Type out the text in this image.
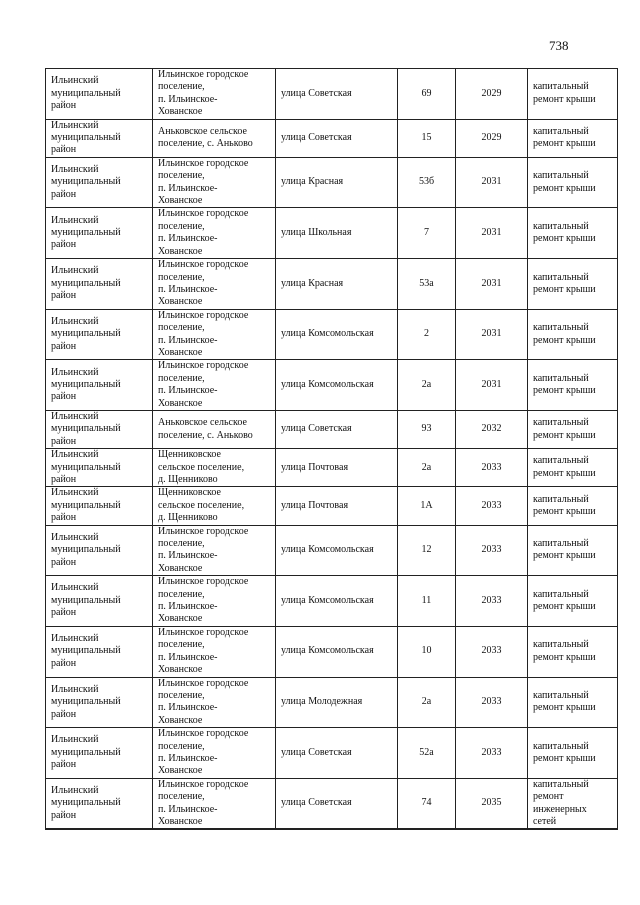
738
Ильинский
муниципальный
район	Ильинское городское
поселение,
п. Ильинское-
Хованское	улица Советская	69	2029	капитальный
ремонт крыши
Ильинский
муниципальный
район	Аньковское сельское
поселение, с. Аньково	улица Советская	15	2029	капитальный
ремонт крыши
Ильинский
муниципальный
район	Ильинское городское
поселение,
п. Ильинское-
Хованское	улица Красная	53б	2031	капитальный
ремонт крыши
Ильинский
муниципальный
район	Ильинское городское
поселение,
п. Ильинское-
Хованское	улица Школьная	7	2031	капитальный
ремонт крыши
Ильинский
муниципальный
район	Ильинское городское
поселение,
п. Ильинское-
Хованское	улица Красная	53а	2031	капитальный
ремонт крыши
Ильинский
муниципальный
район	Ильинское городское
поселение,
п. Ильинское-
Хованское	улица Комсомольская	2	2031	капитальный
ремонт крыши
Ильинский
муниципальный
район	Ильинское городское
поселение,
п. Ильинское-
Хованское	улица Комсомольская	2а	2031	капитальный
ремонт крыши
Ильинский
муниципальный
район	Аньковское сельское
поселение, с. Аньково	улица Советская	93	2032	капитальный
ремонт крыши
Ильинский
муниципальный
район	Щенниковское
сельское поселение,
д. Щенниково	улица Почтовая	2а	2033	капитальный
ремонт крыши
Ильинский
муниципальный
район	Щенниковское
сельское поселение,
д. Щенниково	улица Почтовая	1А	2033	капитальный
ремонт крыши
Ильинский
муниципальный
район	Ильинское городское
поселение,
п. Ильинское-
Хованское	улица Комсомольская	12	2033	капитальный
ремонт крыши
Ильинский
муниципальный
район	Ильинское городское
поселение,
п. Ильинское-
Хованское	улица Комсомольская	11	2033	капитальный
ремонт крыши
Ильинский
муниципальный
район	Ильинское городское
поселение,
п. Ильинское-
Хованское	улица Комсомольская	10	2033	капитальный
ремонт крыши
Ильинский
муниципальный
район	Ильинское городское
поселение,
п. Ильинское-
Хованское	улица Молодежная	2а	2033	капитальный
ремонт крыши
Ильинский
муниципальный
район	Ильинское городское
поселение,
п. Ильинское-
Хованское	улица Советская	52а	2033	капитальный
ремонт крыши
Ильинский
муниципальный
район	Ильинское городское
поселение,
п. Ильинское-
Хованское	улица Советская	74	2035	капитальный
ремонт
инженерных
сетей
